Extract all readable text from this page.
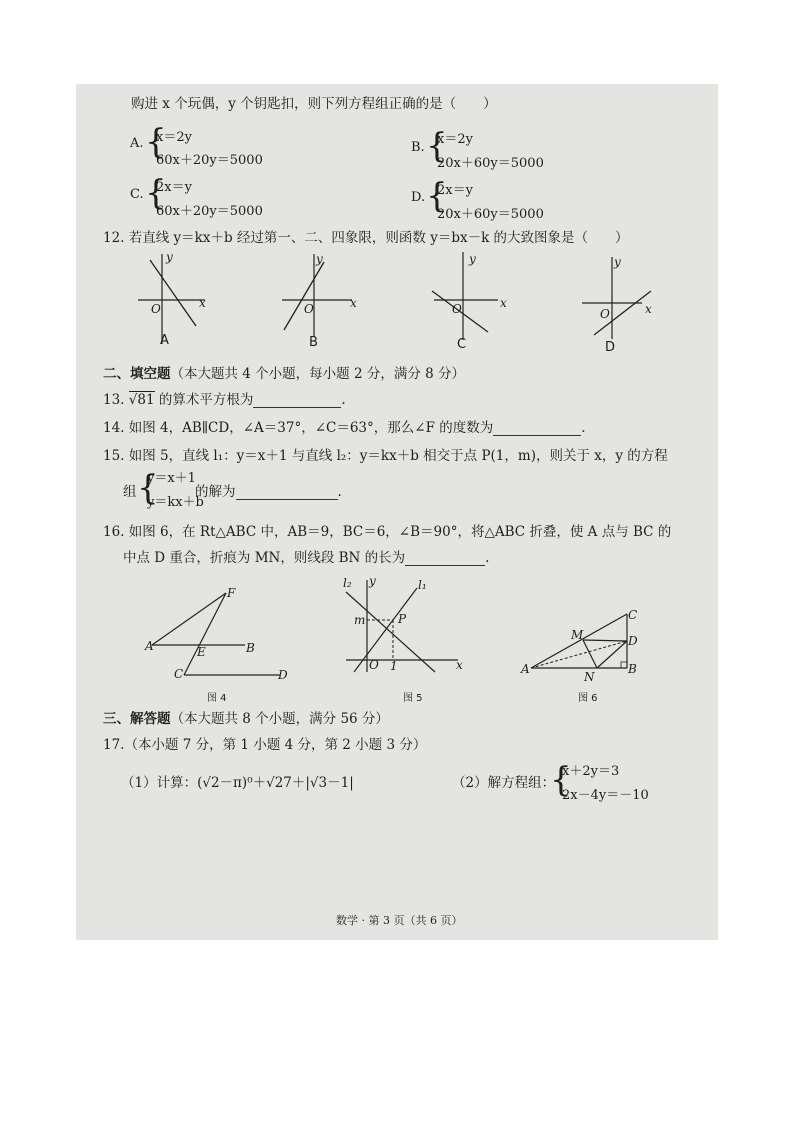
购进 x 个玩偶，y 个钥匙扣，则下列方程组正确的是（　　）
A. {
x＝2y
60x＋20y＝5000
B. {
x＝2y
20x＋60y＝5000
C. {
2x＝y
60x＋20y＝5000
D. {
2x＝y
20x＋60y＝5000
12. 若直线 y＝kx＋b 经过第一、二、四象限，则函数 y＝bx－k 的大致图象是（　　）
y
x
O
A
y
x
O
B
y
x
O
C
y
x
O
D
二、填空题（本大题共 4 个小题，每小题 2 分，满分 8 分）
13. √81 的算术平方根为	.
14. 如图 4，AB∥CD，∠A＝37°，∠C＝63°，那么∠F 的度数为	.
15. 如图 5，直线 l₁：y＝x＋1 与直线 l₂：y＝kx＋b 相交于点 P(1，m)，则关于 x，y 的方程
组 {
y＝x＋1
y＝kx＋b
的解为	.
16. 如图 6，在 Rt△ABC 中，AB＝9，BC＝6，∠B＝90°，将△ABC 折叠，使 A 点与 BC 的
中点 D 重合，折痕为 MN，则线段 BN 的长为	.
A	B
C	D
E
F
图 4
l₂ y	l₁
m	P
x
O 1
图 5
A	B
C
D
M
N
图 6
三、解答题（本大题共 8 个小题，满分 56 分）
17.（本小题 7 分，第 1 小题 4 分，第 2 小题 3 分）
（1）计算：(√2－π)⁰＋√27＋|√3－1|	（2）解方程组：
{
x＋2y＝3
2x－4y＝－10
数学 · 第 3 页（共 6 页）
